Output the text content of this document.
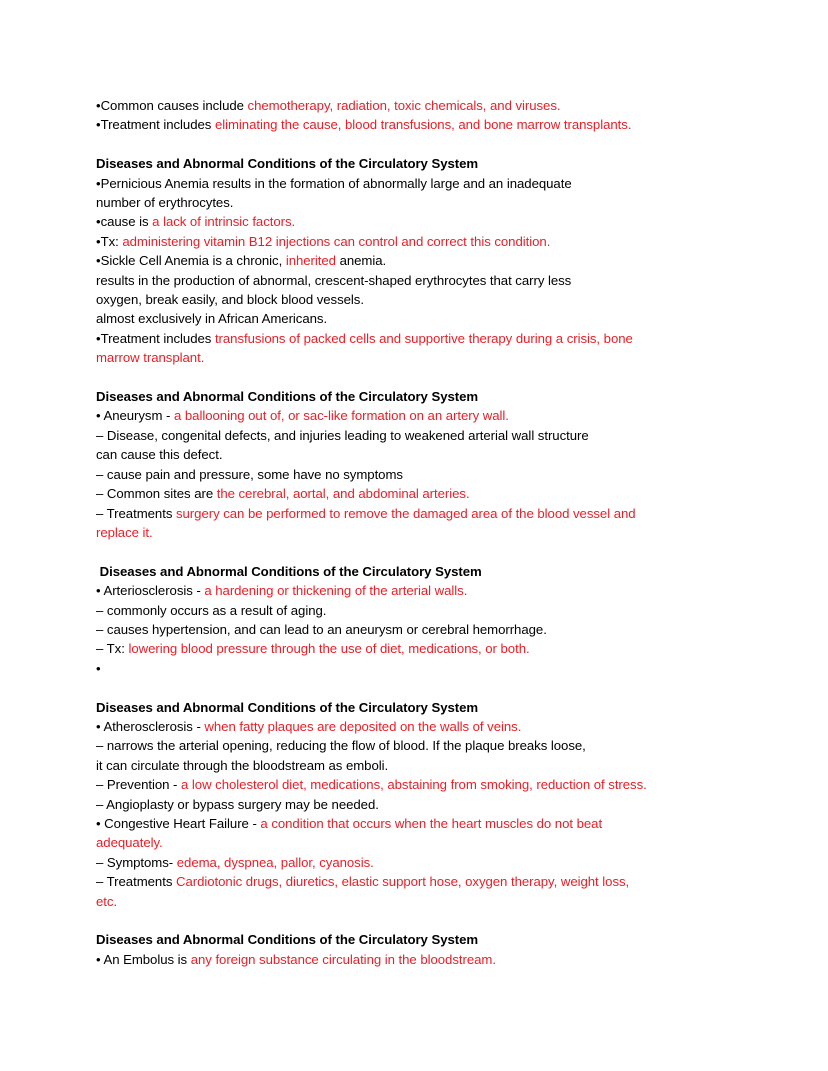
•Common causes include chemotherapy, radiation, toxic chemicals, and viruses.
•Treatment includes eliminating the cause, blood transfusions, and bone marrow transplants.
Diseases and Abnormal Conditions of the Circulatory System
•Pernicious Anemia results in the formation of abnormally large and an inadequate
number of erythrocytes.
•cause is a lack of intrinsic factors.
•Tx: administering vitamin B12 injections can control and correct this condition.
•Sickle Cell Anemia is a chronic, inherited anemia.
results in the production of abnormal, crescent-shaped erythrocytes that carry less
oxygen, break easily, and block blood vessels.
almost exclusively in African Americans.
•Treatment includes transfusions of packed cells and supportive therapy during a crisis, bone
marrow transplant.
Diseases and Abnormal Conditions of the Circulatory System
• Aneurysm - a ballooning out of, or sac-like formation on an artery wall.
– Disease, congenital defects, and injuries leading to weakened arterial wall structure
can cause this defect.
– cause pain and pressure, some have no symptoms
– Common sites are the cerebral, aortal, and abdominal arteries.
– Treatments surgery can be performed to remove the damaged area of the blood vessel and
replace it.
Diseases and Abnormal Conditions of the Circulatory System
• Arteriosclerosis - a hardening or thickening of the arterial walls.
– commonly occurs as a result of aging.
– causes hypertension, and can lead to an aneurysm or cerebral hemorrhage.
– Tx: lowering blood pressure through the use of diet, medications, or both.
•
Diseases and Abnormal Conditions of the Circulatory System
• Atherosclerosis - when fatty plaques are deposited on the walls of veins.
– narrows the arterial opening, reducing the flow of blood. If the plaque breaks loose,
it can circulate through the bloodstream as emboli.
– Prevention - a low cholesterol diet, medications, abstaining from smoking, reduction of stress.
– Angioplasty or bypass surgery may be needed.
• Congestive Heart Failure - a condition that occurs when the heart muscles do not beat
adequately.
– Symptoms- edema, dyspnea, pallor, cyanosis.
– Treatments Cardiotonic drugs, diuretics, elastic support hose, oxygen therapy, weight loss,
etc.
Diseases and Abnormal Conditions of the Circulatory System
• An Embolus is any foreign substance circulating in the bloodstream.
